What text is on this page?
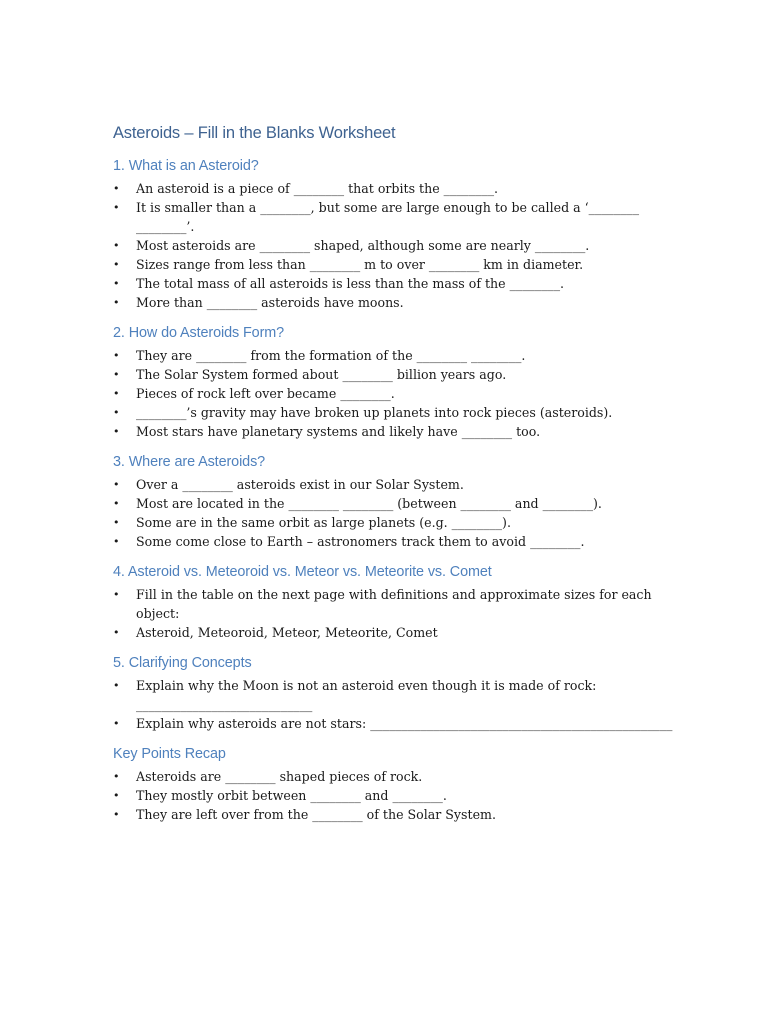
Asteroids – Fill in the Blanks Worksheet
1. What is an Asteroid?
• An asteroid is a piece of ________ that orbits the ________.
• It is smaller than a ________, but some are large enough to be called a ‘________ ________’.
• Most asteroids are ________ shaped, although some are nearly ________.
• Sizes range from less than ________ m to over ________ km in diameter.
• The total mass of all asteroids is less than the mass of the ________.
• More than ________ asteroids have moons.
2. How do Asteroids Form?
• They are ________ from the formation of the ________ ________.
• The Solar System formed about ________ billion years ago.
• Pieces of rock left over became ________.
• ________’s gravity may have broken up planets into rock pieces (asteroids).
• Most stars have planetary systems and likely have ________ too.
3. Where are Asteroids?
• Over a ________ asteroids exist in our Solar System.
• Most are located in the ________ ________ (between ________ and ________).
• Some are in the same orbit as large planets (e.g. ________).
• Some come close to Earth – astronomers track them to avoid ________.
4. Asteroid vs. Meteoroid vs. Meteor vs. Meteorite vs. Comet
• Fill in the table on the next page with definitions and approximate sizes for each object:
• Asteroid, Meteoroid, Meteor, Meteorite, Comet
5. Clarifying Concepts
• Explain why the Moon is not an asteroid even though it is made of rock: ____________________________
• Explain why asteroids are not stars: ________________________________________________
Key Points Recap
• Asteroids are ________ shaped pieces of rock.
• They mostly orbit between ________ and ________.
• They are left over from the ________ of the Solar System.
